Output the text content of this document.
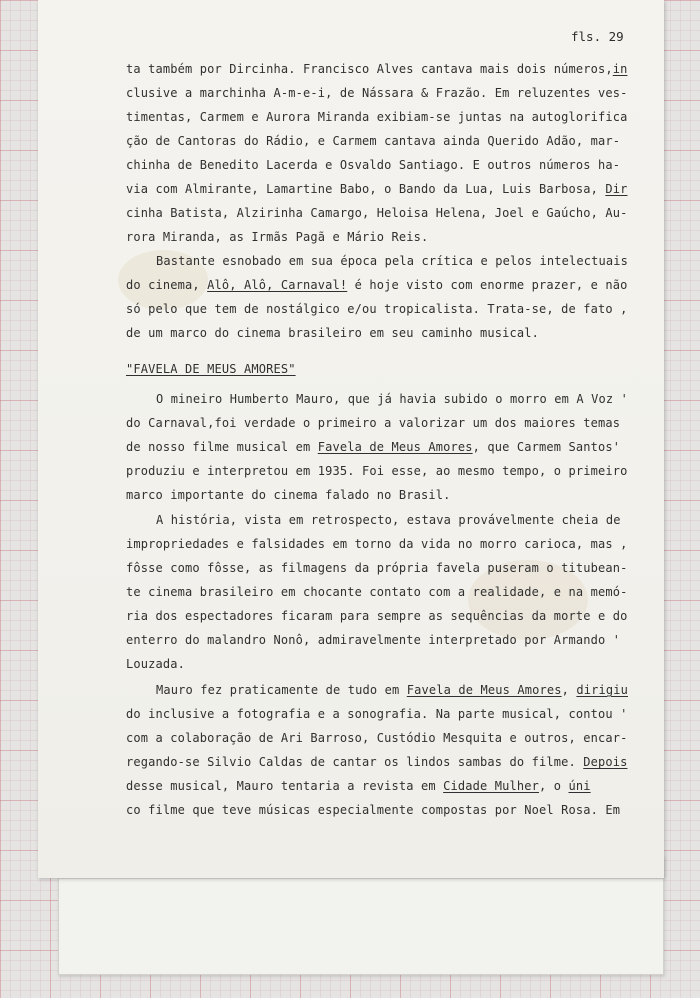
fls. 29
ta também por Dircinha. Francisco Alves cantava mais dois números,in
clusive a marchinha A-m-e-i, de Nássara & Frazão. Em reluzentes ves-
timentas, Carmem e Aurora Miranda exibiam-se juntas na autoglorifica
ção de Cantoras do Rádio, e Carmem cantava ainda Querido Adão, mar-
chinha de Benedito Lacerda e Osvaldo Santiago. E outros números ha-
via com Almirante, Lamartine Babo, o Bando da Lua, Luis Barbosa, Dir
cinha Batista, Alzirinha Camargo, Heloisa Helena, Joel e Gaúcho, Au-
rora Miranda, as Irmãs Pagã e Mário Reis.
Bastante esnobado em sua época pela crítica e pelos intelectuais
do cinema, Alô, Alô, Carnaval! é hoje visto com enorme prazer, e não
só pelo que tem de nostálgico e/ou tropicalista. Trata-se, de fato ,
de um marco do cinema brasileiro em seu caminho musical.
"FAVELA DE MEUS AMORES"
O mineiro Humberto Mauro, que já havia subido o morro em A Voz '
do Carnaval,foi verdade o primeiro a valorizar um dos maiores temas
de nosso filme musical em Favela de Meus Amores, que Carmem Santos'
produziu e interpretou em 1935. Foi esse, ao mesmo tempo, o primeiro
marco importante do cinema falado no Brasil.
A história, vista em retrospecto, estava provávelmente cheia de
impropriedades e falsidades em torno da vida no morro carioca, mas ,
fôsse como fôsse, as filmagens da própria favela puseram o titubean-
te cinema brasileiro em chocante contato com a realidade, e na memó-
ria dos espectadores ficaram para sempre as sequências da morte e do
enterro do malandro Nonô, admiravelmente interpretado por Armando '
Louzada.
Mauro fez praticamente de tudo em Favela de Meus Amores, dirigiu
do inclusive a fotografia e a sonografia. Na parte musical, contou '
com a colaboração de Ari Barroso, Custódio Mesquita e outros, encar-
regando-se Silvio Caldas de cantar os lindos sambas do filme. Depois
desse musical, Mauro tentaria a revista em Cidade Mulher, o úni
co filme que teve músicas especialmente compostas por Noel Rosa. Em
